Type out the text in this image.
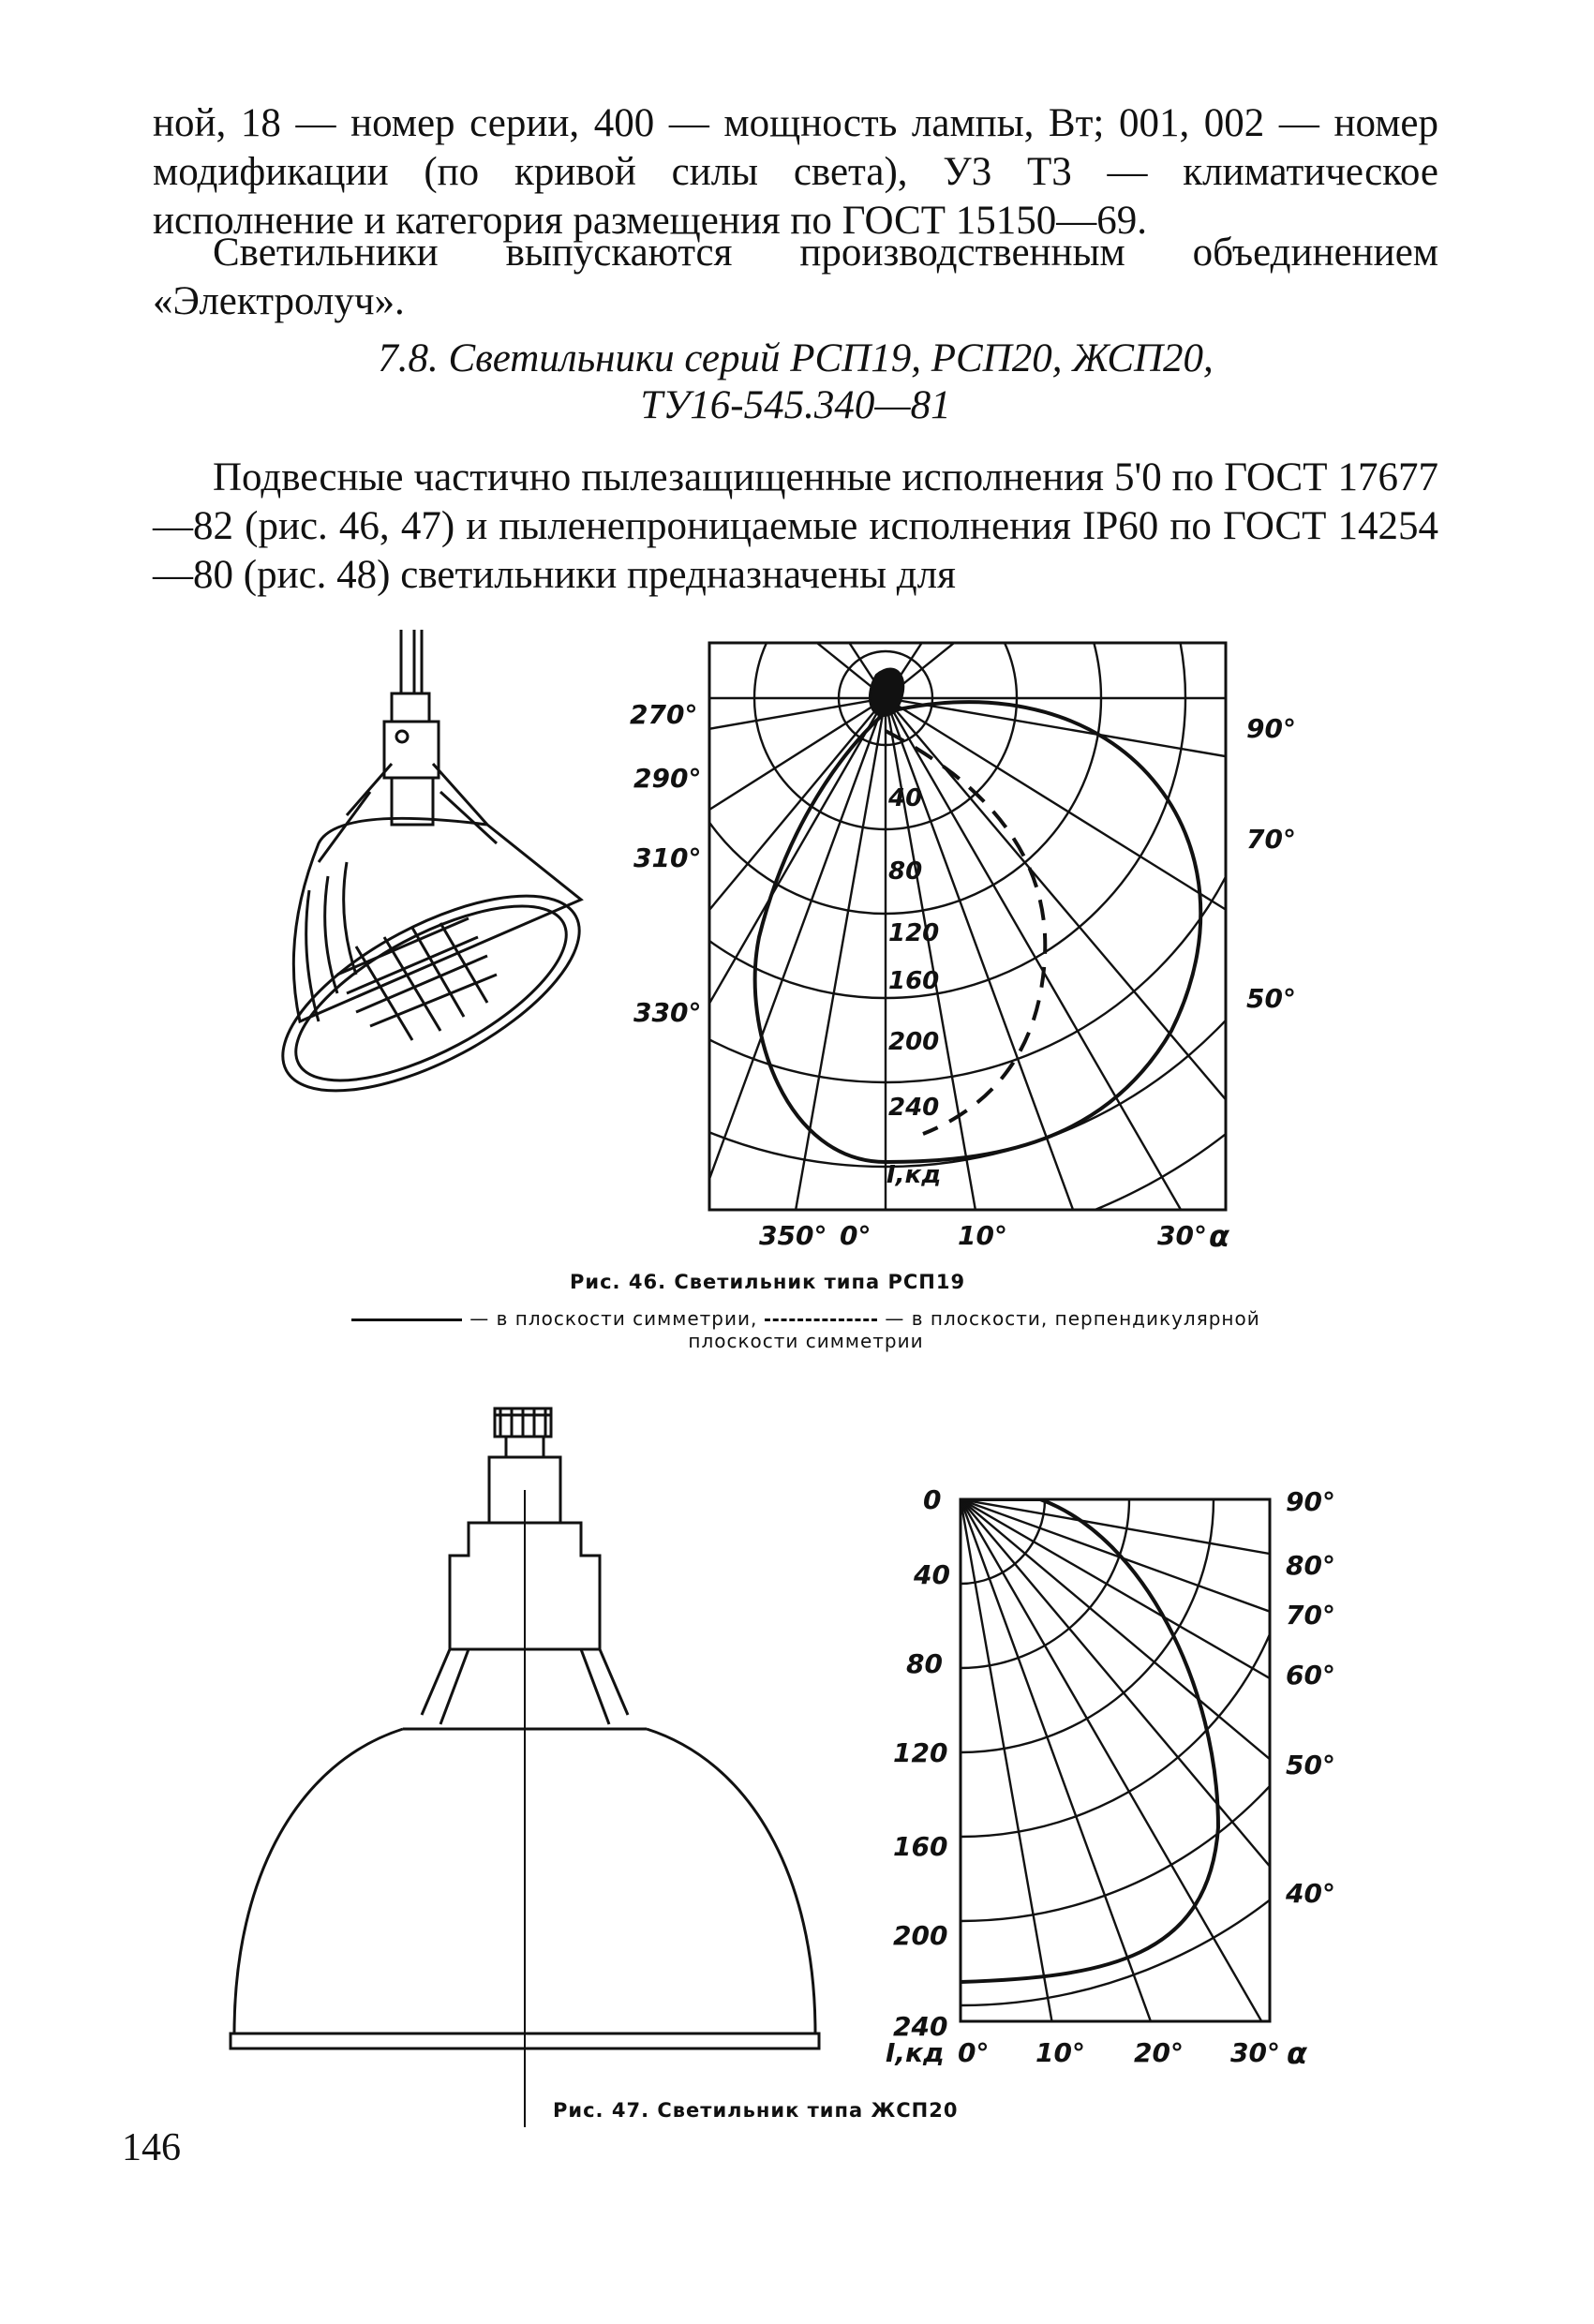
ной, 18 — номер серии, 400 — мощность лампы, Вт; 001, 002 — номер модификации (по кривой силы света), У3 Т3 — климатическое исполнение и категория размещения по ГОСТ 15150—69.
Светильники выпускаются производственным объединением «Электролуч».
7.8. Светильники серий РСП19, РСП20, ЖСП20,
ТУ16-545.340—81
Подвесные частично пылезащищенные исполнения 5'0 по ГОСТ 17677—82 (рис. 46, 47) и пыленепроницаемые исполнения IP60 по ГОСТ 14254—80 (рис. 48) светильники предназначены для
270°
290°
310°
330°
90°
70°
50°
350° 0°	10°	30° α
40
80
120
160
200
240
I,кд
0
40
80
120
160
200
240
90°
80°
70°
60°
50°
40°
I,кд 0° 10° 20° 30° α
Рис. 46. Светильник типа РСП19
— в плоскости симметрии,	— в плоскости, перпендикулярной плоскости симметрии
Рис. 47. Светильник типа ЖСП20
146
